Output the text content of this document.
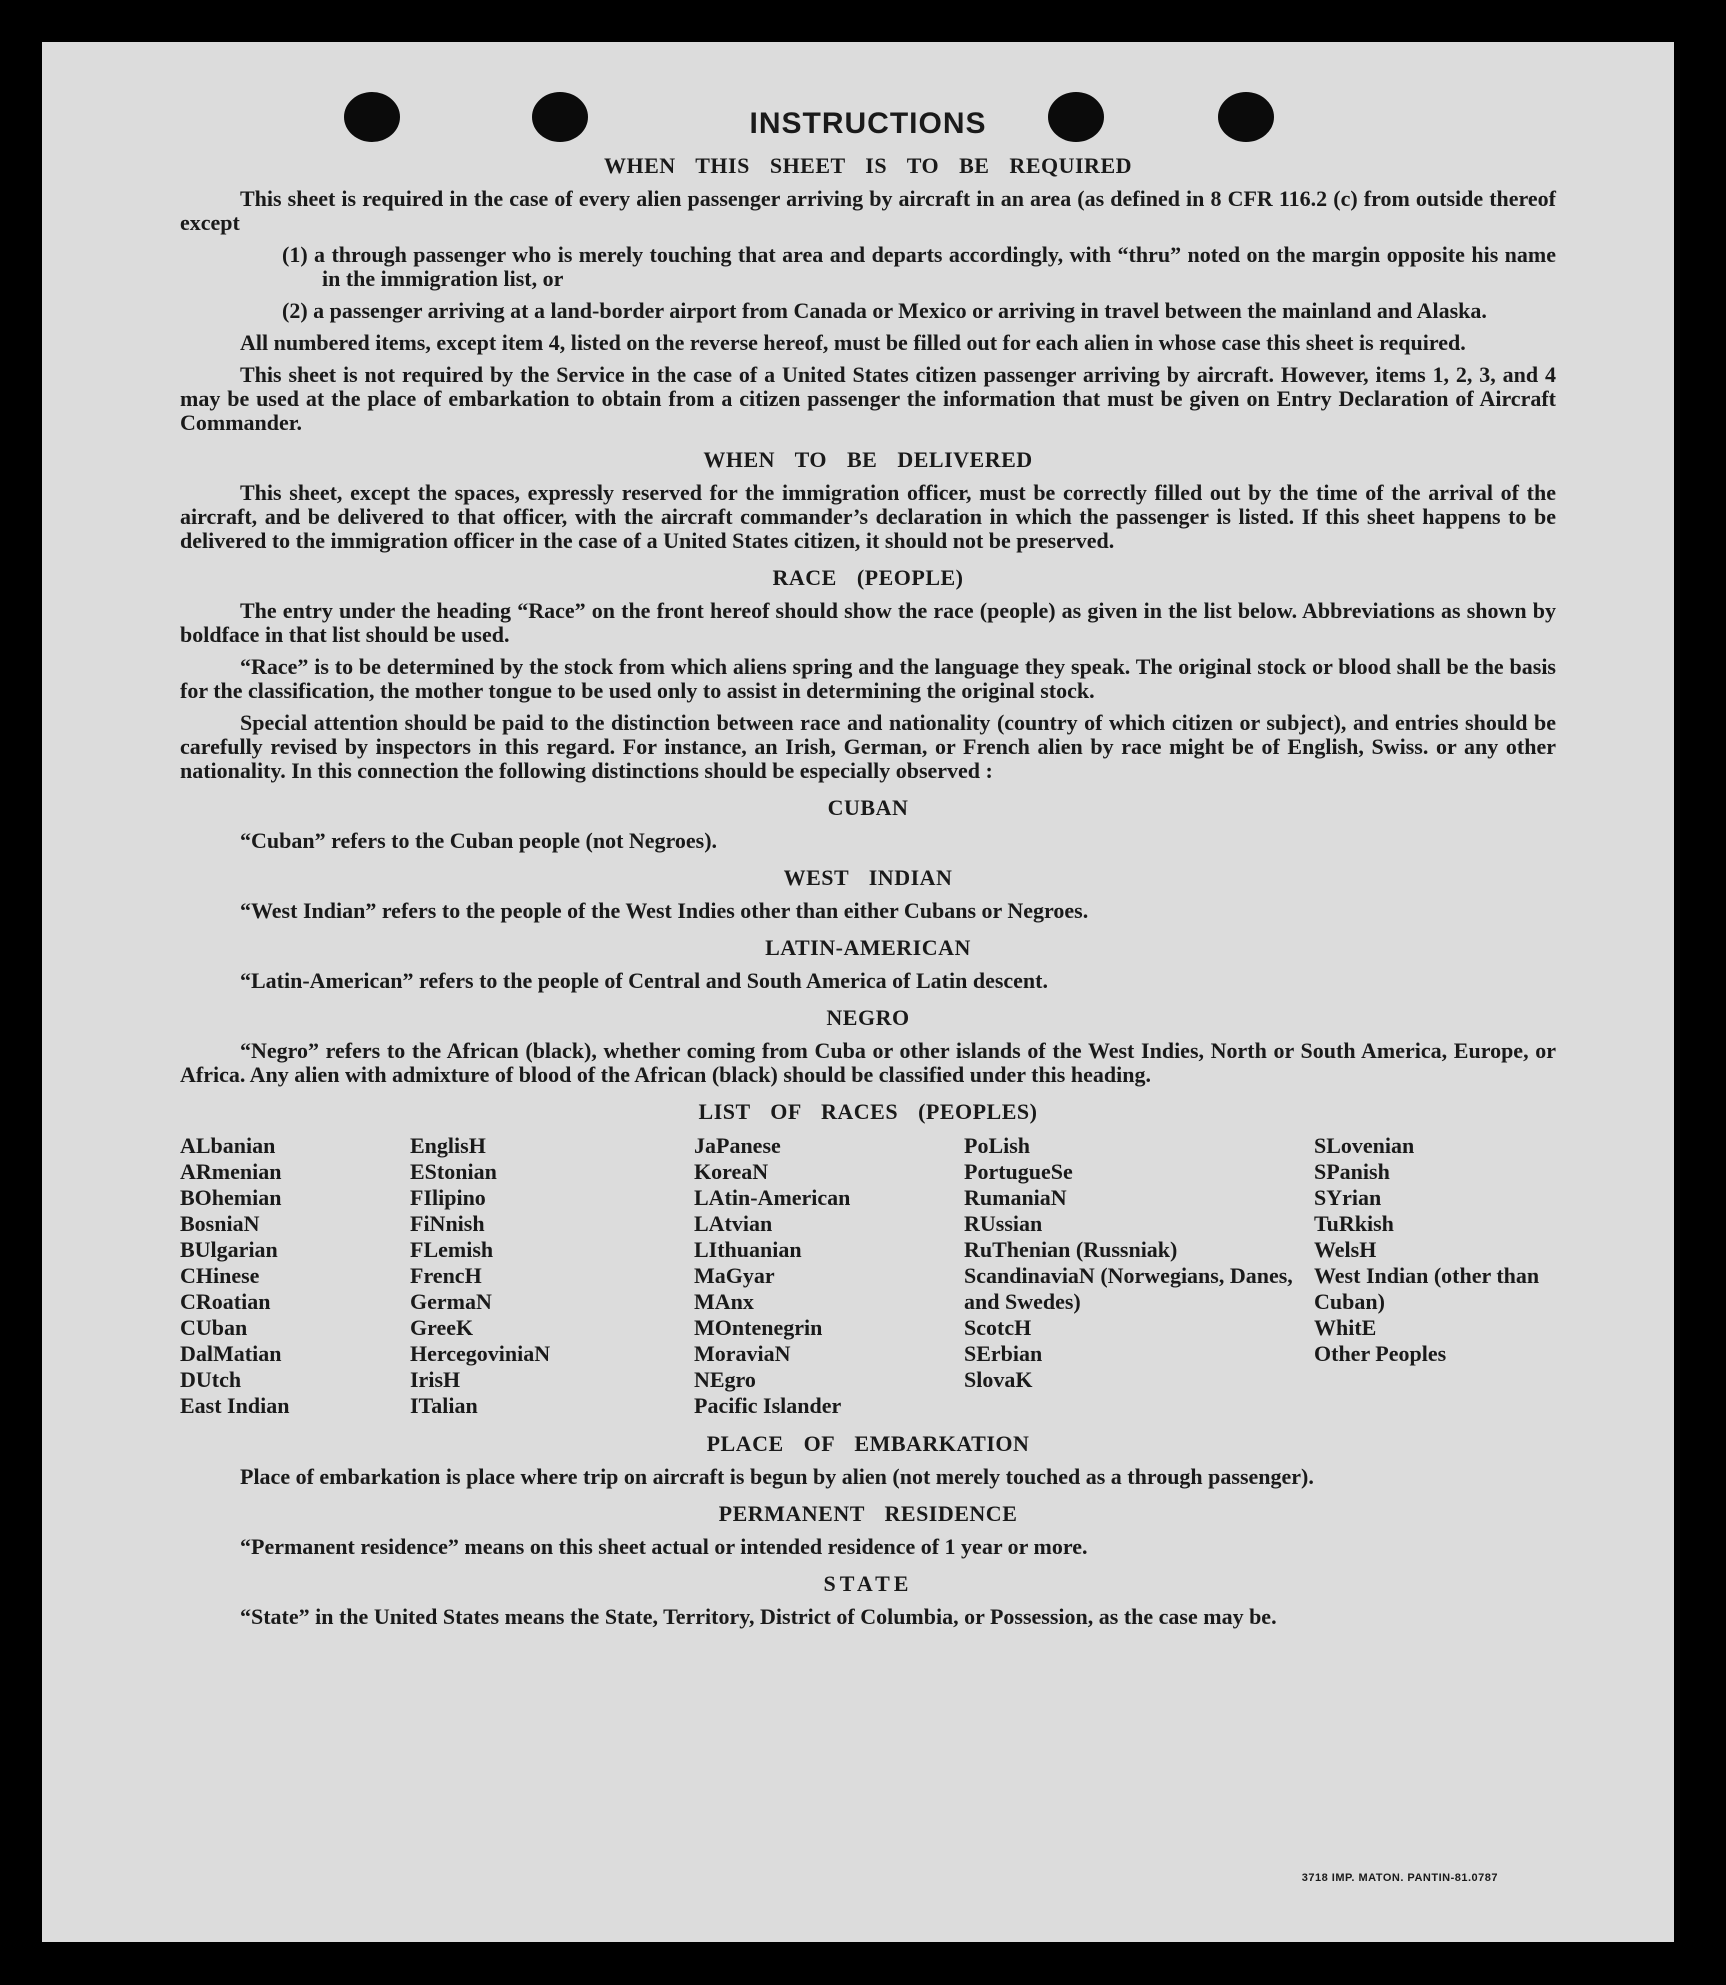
INSTRUCTIONS
WHEN THIS SHEET IS TO BE REQUIRED

This sheet is required in the case of every alien passenger arriving by aircraft in an area (as defined in 8 CFR 116.2 (c) from outside thereof except

(1) a through passenger who is merely touching that area and departs accordingly, with “thru” noted on the margin opposite his name in the immigration list, or

(2) a passenger arriving at a land-border airport from Canada or Mexico or arriving in travel between the mainland and Alaska.

All numbered items, except item 4, listed on the reverse hereof, must be filled out for each alien in whose case this sheet is required.

This sheet is not required by the Service in the case of a United States citizen passenger arriving by aircraft. However, items 1, 2, 3, and 4 may be used at the place of embarkation to obtain from a citizen passenger the information that must be given on Entry Declaration of Aircraft Commander.

WHEN TO BE DELIVERED

This sheet, except the spaces, expressly reserved for the immigration officer, must be correctly filled out by the time of the arrival of the aircraft, and be delivered to that officer, with the aircraft commander’s declaration in which the passenger is listed. If this sheet happens to be delivered to the immigration officer in the case of a United States citizen, it should not be preserved.

RACE (PEOPLE)

The entry under the heading “Race” on the front hereof should show the race (people) as given in the list below. Abbreviations as shown by boldface in that list should be used.

“Race” is to be determined by the stock from which aliens spring and the language they speak. The original stock or blood shall be the basis for the classification, the mother tongue to be used only to assist in determining the original stock.

Special attention should be paid to the distinction between race and nationality (country of which citizen or subject), and entries should be carefully revised by inspectors in this regard. For instance, an Irish, German, or French alien by race might be of English, Swiss. or any other nationality. In this connection the following distinctions should be especially observed :

CUBAN

“Cuban” refers to the Cuban people (not Negroes).

WEST INDIAN

“West Indian” refers to the people of the West Indies other than either Cubans or Negroes.

LATIN-AMERICAN

“Latin-American” refers to the people of Central and South America of Latin descent.

NEGRO

“Negro” refers to the African (black), whether coming from Cuba or other islands of the West Indies, North or South America, Europe, or Africa. Any alien with admixture of blood of the African (black) should be classified under this heading.

LIST OF RACES (PEOPLES)
ALbanian
ARmenian
BOhemian
BosniaN
BUlgarian
CHinese
CRoatian
CUban
DalMatian
DUtch
East Indian
EnglisH
EStonian
FIlipino
FiNnish
FLemish
FrencH
GermaN
GreeK
HercegoviniaN
IrisH
ITalian
JaPanese
KoreaN
LAtin-American
LAtvian
LIthuanian
MaGyar
MAnx
MOntenegrin
MoraviaN
NEgro
Pacific Islander
PoLish
PortugueSe
RumaniaN
RUssian
RuThenian (Russniak)
ScandinaviaN (Norwegians, Danes, and Swedes)
ScotcH
SErbian
SlovaK
SLovenian
SPanish
SYrian
TuRkish
WelsH
West Indian (other than Cuban)
WhitE
Other Peoples
PLACE OF EMBARKATION

Place of embarkation is place where trip on aircraft is begun by alien (not merely touched as a through passenger).

PERMANENT RESIDENCE

“Permanent residence” means on this sheet actual or intended residence of 1 year or more.

STATE

“State” in the United States means the State, Territory, District of Columbia, or Possession, as the case may be.

3718 IMP. MATON. PANTIN-81.0787
